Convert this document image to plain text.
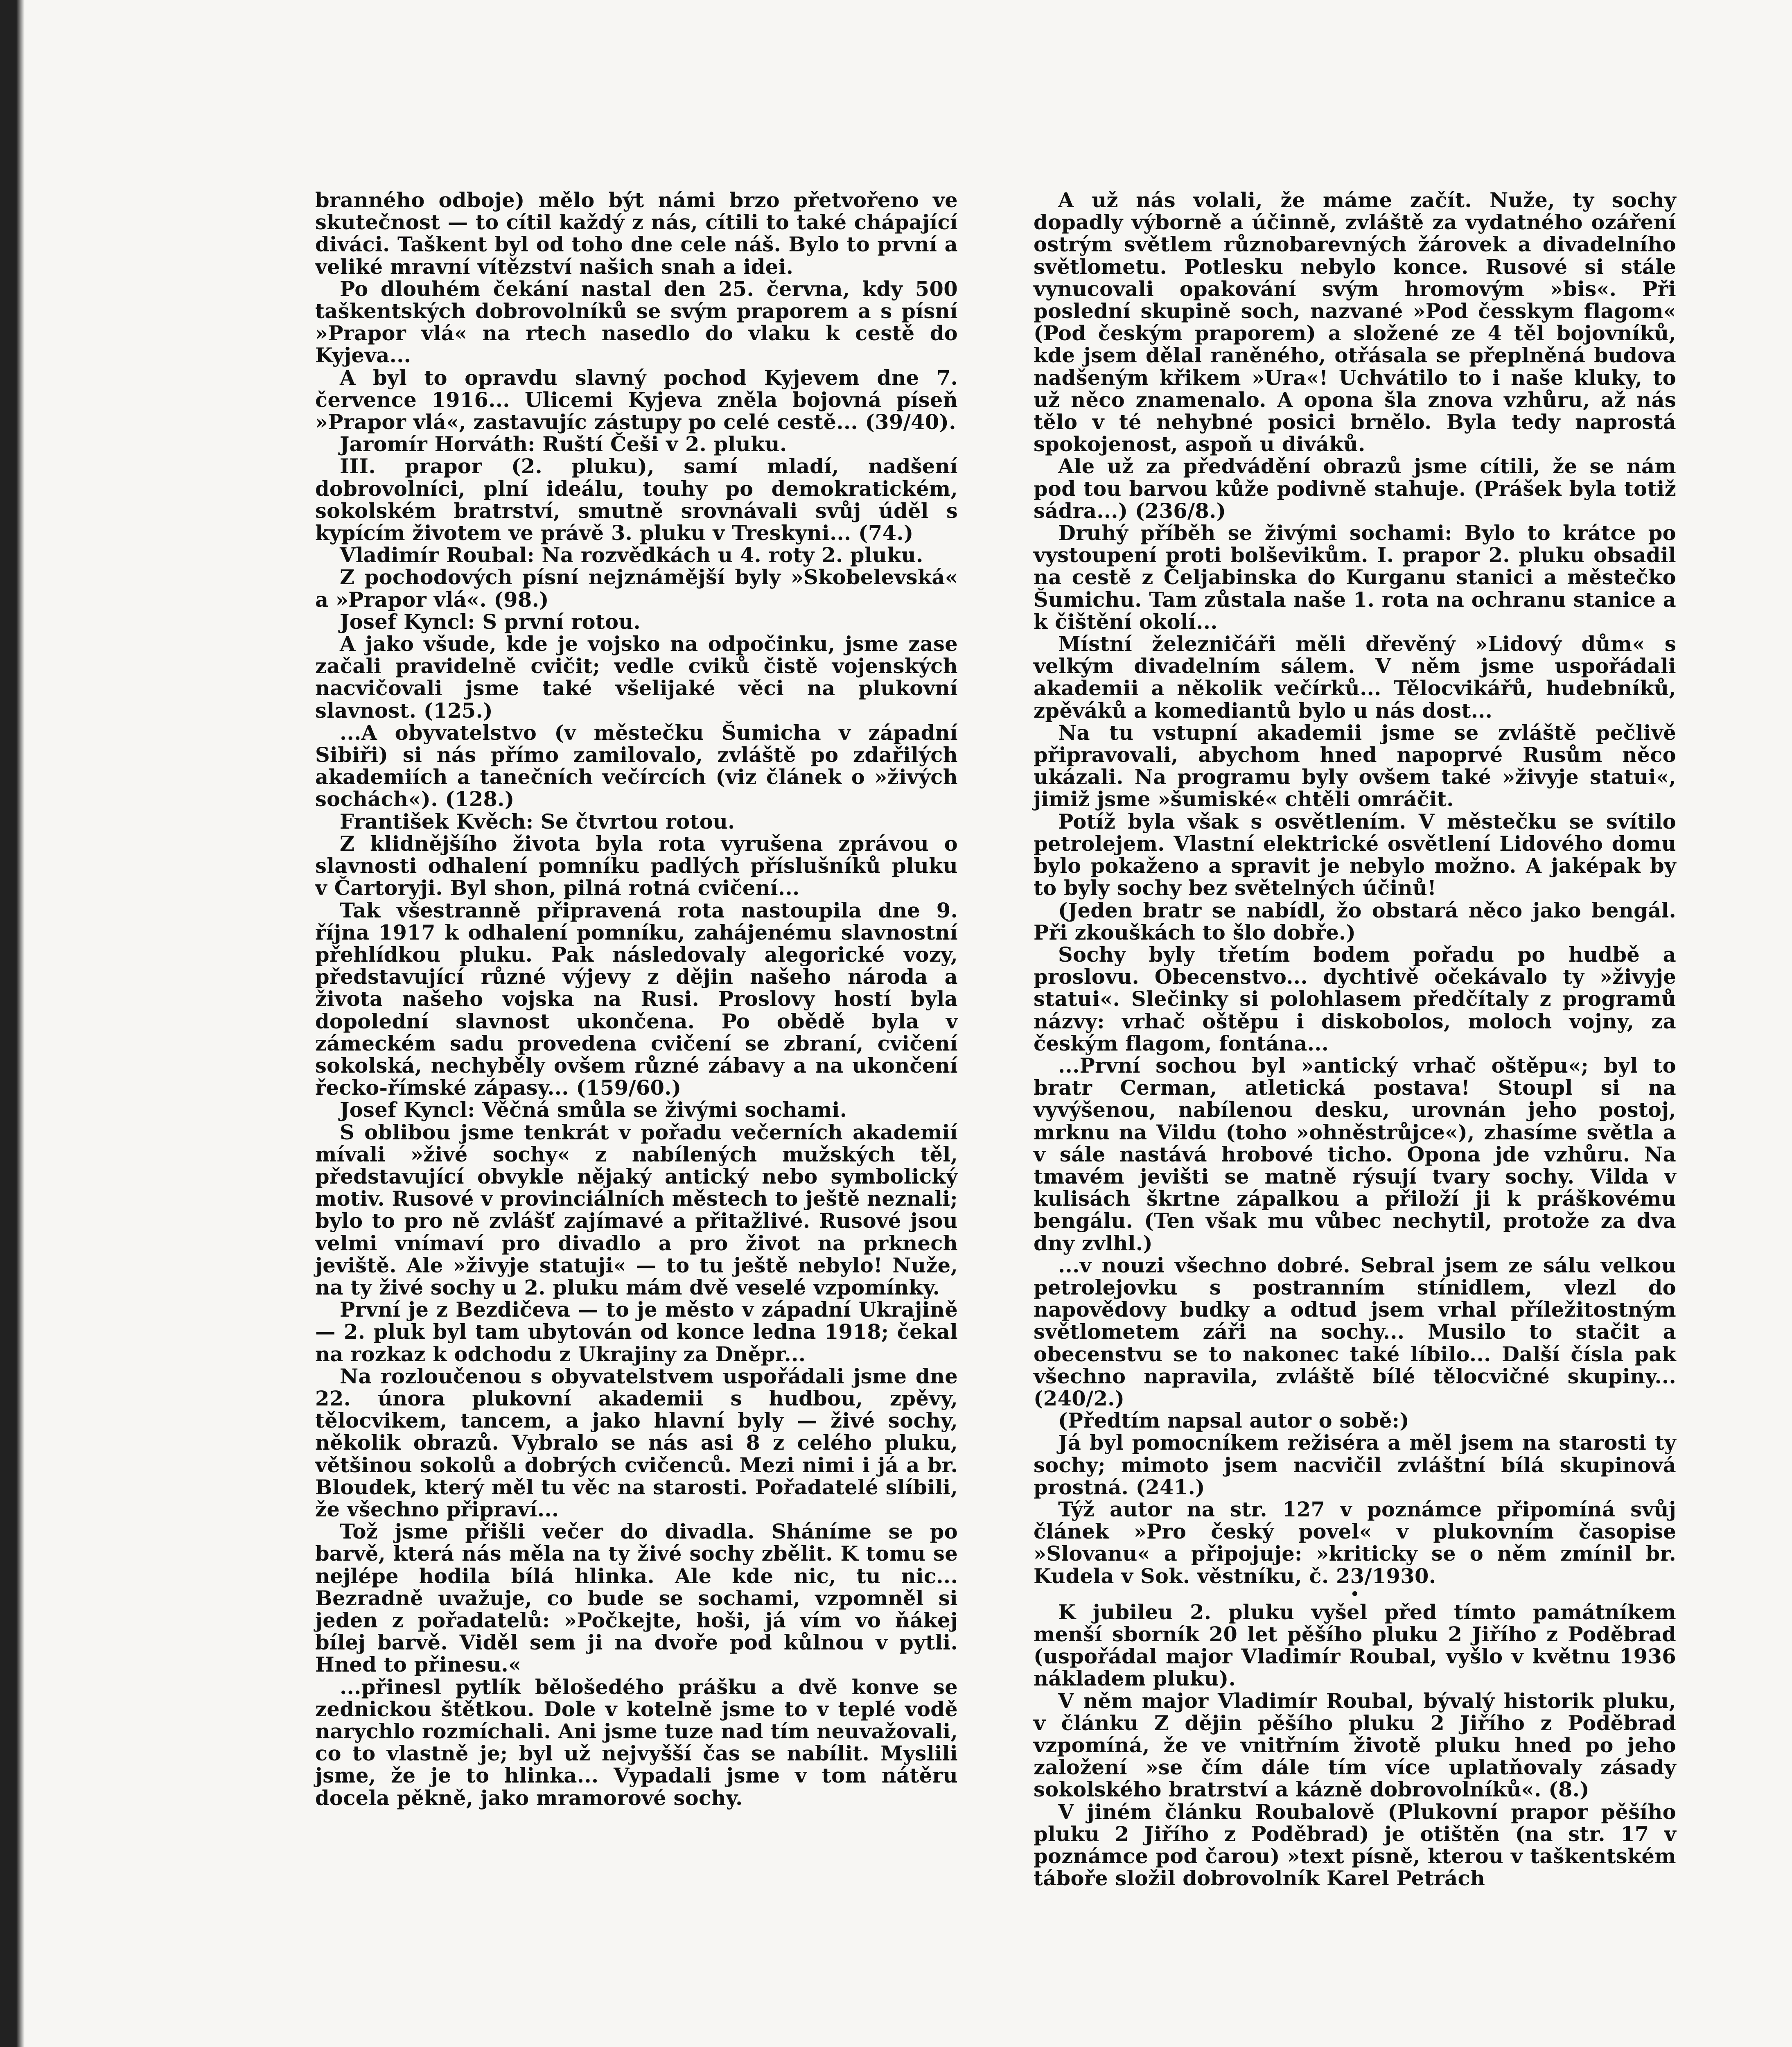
branného odboje) mělo být námi brzo přetvořeno ve skutečnost — to cítil každý z nás, cítili to také chápající diváci. Taškent byl od toho dne cele náš. Bylo to první a veliké mravní vítězství našich snah a idei.

Po dlouhém čekání nastal den 25. června, kdy 500 taškentských dobrovolníků se svým praporem a s písní »Prapor vlá« na rtech nasedlo do vlaku k cestě do Kyjeva...

A byl to opravdu slavný pochod Kyjevem dne 7. července 1916... Ulicemi Kyjeva zněla bojovná píseň »Prapor vlá«, zastavujíc zástupy po celé cestě... (39/40).

Jaromír Horváth: Ruští Češi v 2. pluku.

III. prapor (2. pluku), samí mladí, nadšení dobrovolníci, plní ideálu, touhy po demokratickém, sokolském bratrství, smutně srovnávali svůj úděl s kypícím životem ve právě 3. pluku v Treskyni... (74.)

Vladimír Roubal: Na rozvědkách u 4. roty 2. pluku.

Z pochodových písní nejznámější byly »Skobelevská« a »Prapor vlá«. (98.)

Josef Kyncl: S první rotou.

A jako všude, kde je vojsko na odpočinku, jsme zase začali pravidelně cvičit; vedle cviků čistě vojenských nacvičovali jsme také všelijaké věci na plukovní slavnost. (125.)

...A obyvatelstvo (v městečku Šumicha v západní Sibiři) si nás přímo zamilovalo, zvláště po zdařilých akademiích a tanečních večírcích (viz článek o »živých sochách«). (128.)

František Kvěch: Se čtvrtou rotou.

Z klidnějšího života byla rota vyrušena zprávou o slavnosti odhalení pomníku padlých příslušníků pluku v Čartoryji. Byl shon, pilná rotná cvičení...

Tak všestranně připravená rota nastoupila dne 9. října 1917 k odhalení pomníku, zahájenému slavnostní přehlídkou pluku. Pak následovaly alegorické vozy, představující různé výjevy z dějin našeho národa a života našeho vojska na Rusi. Proslovy hostí byla dopolední slavnost ukončena. Po obědě byla v zámeckém sadu provedena cvičení se zbraní, cvičení sokolská, nechyběly ovšem různé zábavy a na ukončení řecko-římské zápasy... (159/60.)

Josef Kyncl: Věčná smůla se živými sochami.

S oblibou jsme tenkrát v pořadu večerních akademií mívali »živé sochy« z nabílených mužských těl, představující obvykle nějaký antický nebo symbolický motiv. Rusové v provinciálních městech to ještě neznali; bylo to pro ně zvlášť zajímavé a přitažlivé. Rusové jsou velmi vnímaví pro divadlo a pro život na prknech jeviště. Ale »živyje statuji« — to tu ještě nebylo! Nuže, na ty živé sochy u 2. pluku mám dvě veselé vzpomínky.

První je z Bezdičeva — to je město v západní Ukrajině — 2. pluk byl tam ubytován od konce ledna 1918; čekal na rozkaz k odchodu z Ukrajiny za Dněpr...

Na rozloučenou s obyvatelstvem uspořádali jsme dne 22. února plukovní akademii s hudbou, zpěvy, tělocvikem, tancem, a jako hlavní byly — živé sochy, několik obrazů. Vybralo se nás asi 8 z celého pluku, většinou sokolů a dobrých cvičenců. Mezi nimi i já a br. Bloudek, který měl tu věc na starosti. Pořadatelé slíbili, že všechno připraví...

Tož jsme přišli večer do divadla. Sháníme se po barvě, která nás měla na ty živé sochy zbělit. K tomu se nejlépe hodila bílá hlinka. Ale kde nic, tu nic... Bezradně uvažuje, co bude se sochami, vzpomněl si jeden z pořadatelů: »Počkejte, hoši, já vím vo ňákej bílej barvě. Viděl sem ji na dvoře pod kůlnou v pytli. Hned to přinesu.«

...přinesl pytlík bělošedého prášku a dvě konve se zednickou štětkou. Dole v kotelně jsme to v teplé vodě narychlo rozmíchali. Ani jsme tuze nad tím neuvažovali, co to vlastně je; byl už nejvyšší čas se nabílit. Myslili jsme, že je to hlinka... Vypadali jsme v tom nátěru docela pěkně, jako mramorové sochy.

A už nás volali, že máme začít. Nuže, ty sochy dopadly výborně a účinně, zvláště za vydatného ozáření ostrým světlem různobarevných žárovek a divadelního světlometu. Potlesku nebylo konce. Rusové si stále vynucovali opakování svým hromovým »bis«. Při poslední skupině soch, nazvané »Pod česskym flagom« (Pod českým praporem) a složené ze 4 těl bojovníků, kde jsem dělal raněného, otřásala se přeplněná budova nadšeným křikem »Ura«! Uchvátilo to i naše kluky, to už něco znamenalo. A opona šla znova vzhůru, až nás tělo v té nehybné posici brnělo. Byla tedy naprostá spokojenost, aspoň u diváků.

Ale už za předvádění obrazů jsme cítili, že se nám pod tou barvou kůže podivně stahuje. (Prášek byla totiž sádra...) (236/8.)

Druhý příběh se živými sochami: Bylo to krátce po vystoupení proti bolševikům. I. prapor 2. pluku obsadil na cestě z Čeljabinska do Kurganu stanici a městečko Šumichu. Tam zůstala naše 1. rota na ochranu stanice a k čištění okolí...

Místní železničáři měli dřevěný »Lidový dům« s velkým divadelním sálem. V něm jsme uspořádali akademii a několik večírků... Tělocvikářů, hudebníků, zpěváků a komediantů bylo u nás dost...

Na tu vstupní akademii jsme se zvláště pečlivě připravovali, abychom hned napoprvé Rusům něco ukázali. Na programu byly ovšem také »živyje statui«, jimiž jsme »šumiské« chtěli omráčit.

Potíž byla však s osvětlením. V městečku se svítilo petrolejem. Vlastní elektrické osvětlení Lidového domu bylo pokaženo a spravit je nebylo možno. A jaképak by to byly sochy bez světelných účinů!

(Jeden bratr se nabídl, žo obstará něco jako bengál. Při zkouškách to šlo dobře.)

Sochy byly třetím bodem pořadu po hudbě a proslovu. Obecenstvo... dychtivě očekávalo ty »živyje statui«. Slečinky si polohlasem předčítaly z programů názvy: vrhač oštěpu i diskobolos, moloch vojny, za českým flagom, fontána...

...První sochou byl »antický vrhač oštěpu«; byl to bratr Cerman, atletická postava! Stoupl si na vyvýšenou, nabílenou desku, urovnán jeho postoj, mrknu na Vildu (toho »ohněstrůjce«), zhasíme světla a v sále nastává hrobové ticho. Opona jde vzhůru. Na tmavém jevišti se matně rýsují tvary sochy. Vilda v kulisách škrtne zápalkou a přiloží ji k práškovému bengálu. (Ten však mu vůbec nechytil, protože za dva dny zvlhl.)

...v nouzi všechno dobré. Sebral jsem ze sálu velkou petrolejovku s postranním stínidlem, vlezl do napovědovy budky a odtud jsem vrhal příležitostným světlometem záři na sochy... Musilo to stačit a obecenstvu se to nakonec také líbilo... Další čísla pak všechno napravila, zvláště bílé tělocvičné skupiny... (240/2.)

(Předtím napsal autor o sobě:)

Já byl pomocníkem režiséra a měl jsem na starosti ty sochy; mimoto jsem nacvičil zvláštní bílá skupinová prostná. (241.)

Týž autor na str. 127 v poznámce připomíná svůj článek »Pro český povel« v plukovním časopise »Slovanu« a připojuje: »kriticky se o něm zmínil br. Kudela v Sok. věstníku, č. 23/1930.

•

K jubileu 2. pluku vyšel před tímto památníkem menší sborník 20 let pěšího pluku 2 Jiřího z Poděbrad (uspořádal major Vladimír Roubal, vyšlo v květnu 1936 nákladem pluku).

V něm major Vladimír Roubal, bývalý historik pluku, v článku Z dějin pěšího pluku 2 Jiřího z Poděbrad vzpomíná, že ve vnitřním životě pluku hned po jeho založení »se čím dále tím více uplatňovaly zásady sokolského bratrství a kázně dobrovolníků«. (8.)

V jiném článku Roubalově (Plukovní prapor pěšího pluku 2 Jiřího z Poděbrad) je otištěn (na str. 17 v poznámce pod čarou) »text písně, kterou v taškentském táboře složil dobrovolník Karel Petrách
